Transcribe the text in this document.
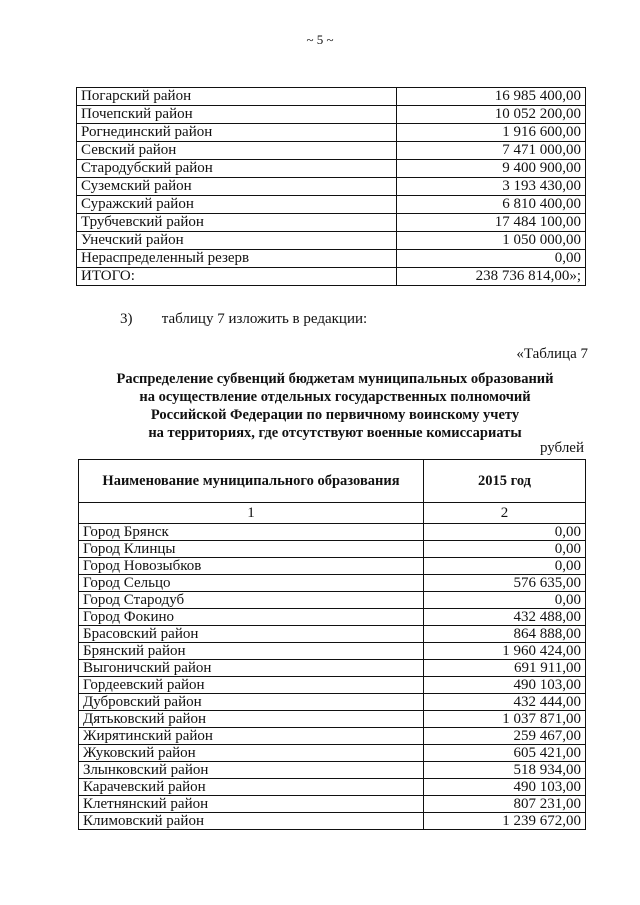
~ 5 ~
Погарский район	16 985 400,00
Почепский район	10 052 200,00
Рогнединский район	1 916 600,00
Севский район	7 471 000,00
Стародубский район	9 400 900,00
Суземский район	3 193 430,00
Суражский район	6 810 400,00
Трубчевский район	17 484 100,00
Унечский район	1 050 000,00
Нераспределенный резерв	0,00
ИТОГО:	238 736 814,00»;
3) таблицу 7 изложить в редакции:
«Таблица 7
Распределение субвенций бюджетам муниципальных образований
на осуществление отдельных государственных полномочий
Российской Федерации по первичному воинскому учету
на территориях, где отсутствуют военные комиссариаты
рублей
Наименование муниципального образования	2015 год
1	2
Город Брянск	0,00
Город Клинцы	0,00
Город Новозыбков	0,00
Город Сельцо	576 635,00
Город Стародуб	0,00
Город Фокино	432 488,00
Брасовский район	864 888,00
Брянский район	1 960 424,00
Выгоничский район	691 911,00
Гордеевский район	490 103,00
Дубровский район	432 444,00
Дятьковский район	1 037 871,00
Жирятинский район	259 467,00
Жуковский район	605 421,00
Злынковский район	518 934,00
Карачевский район	490 103,00
Клетнянский район	807 231,00
Климовский район	1 239 672,00
